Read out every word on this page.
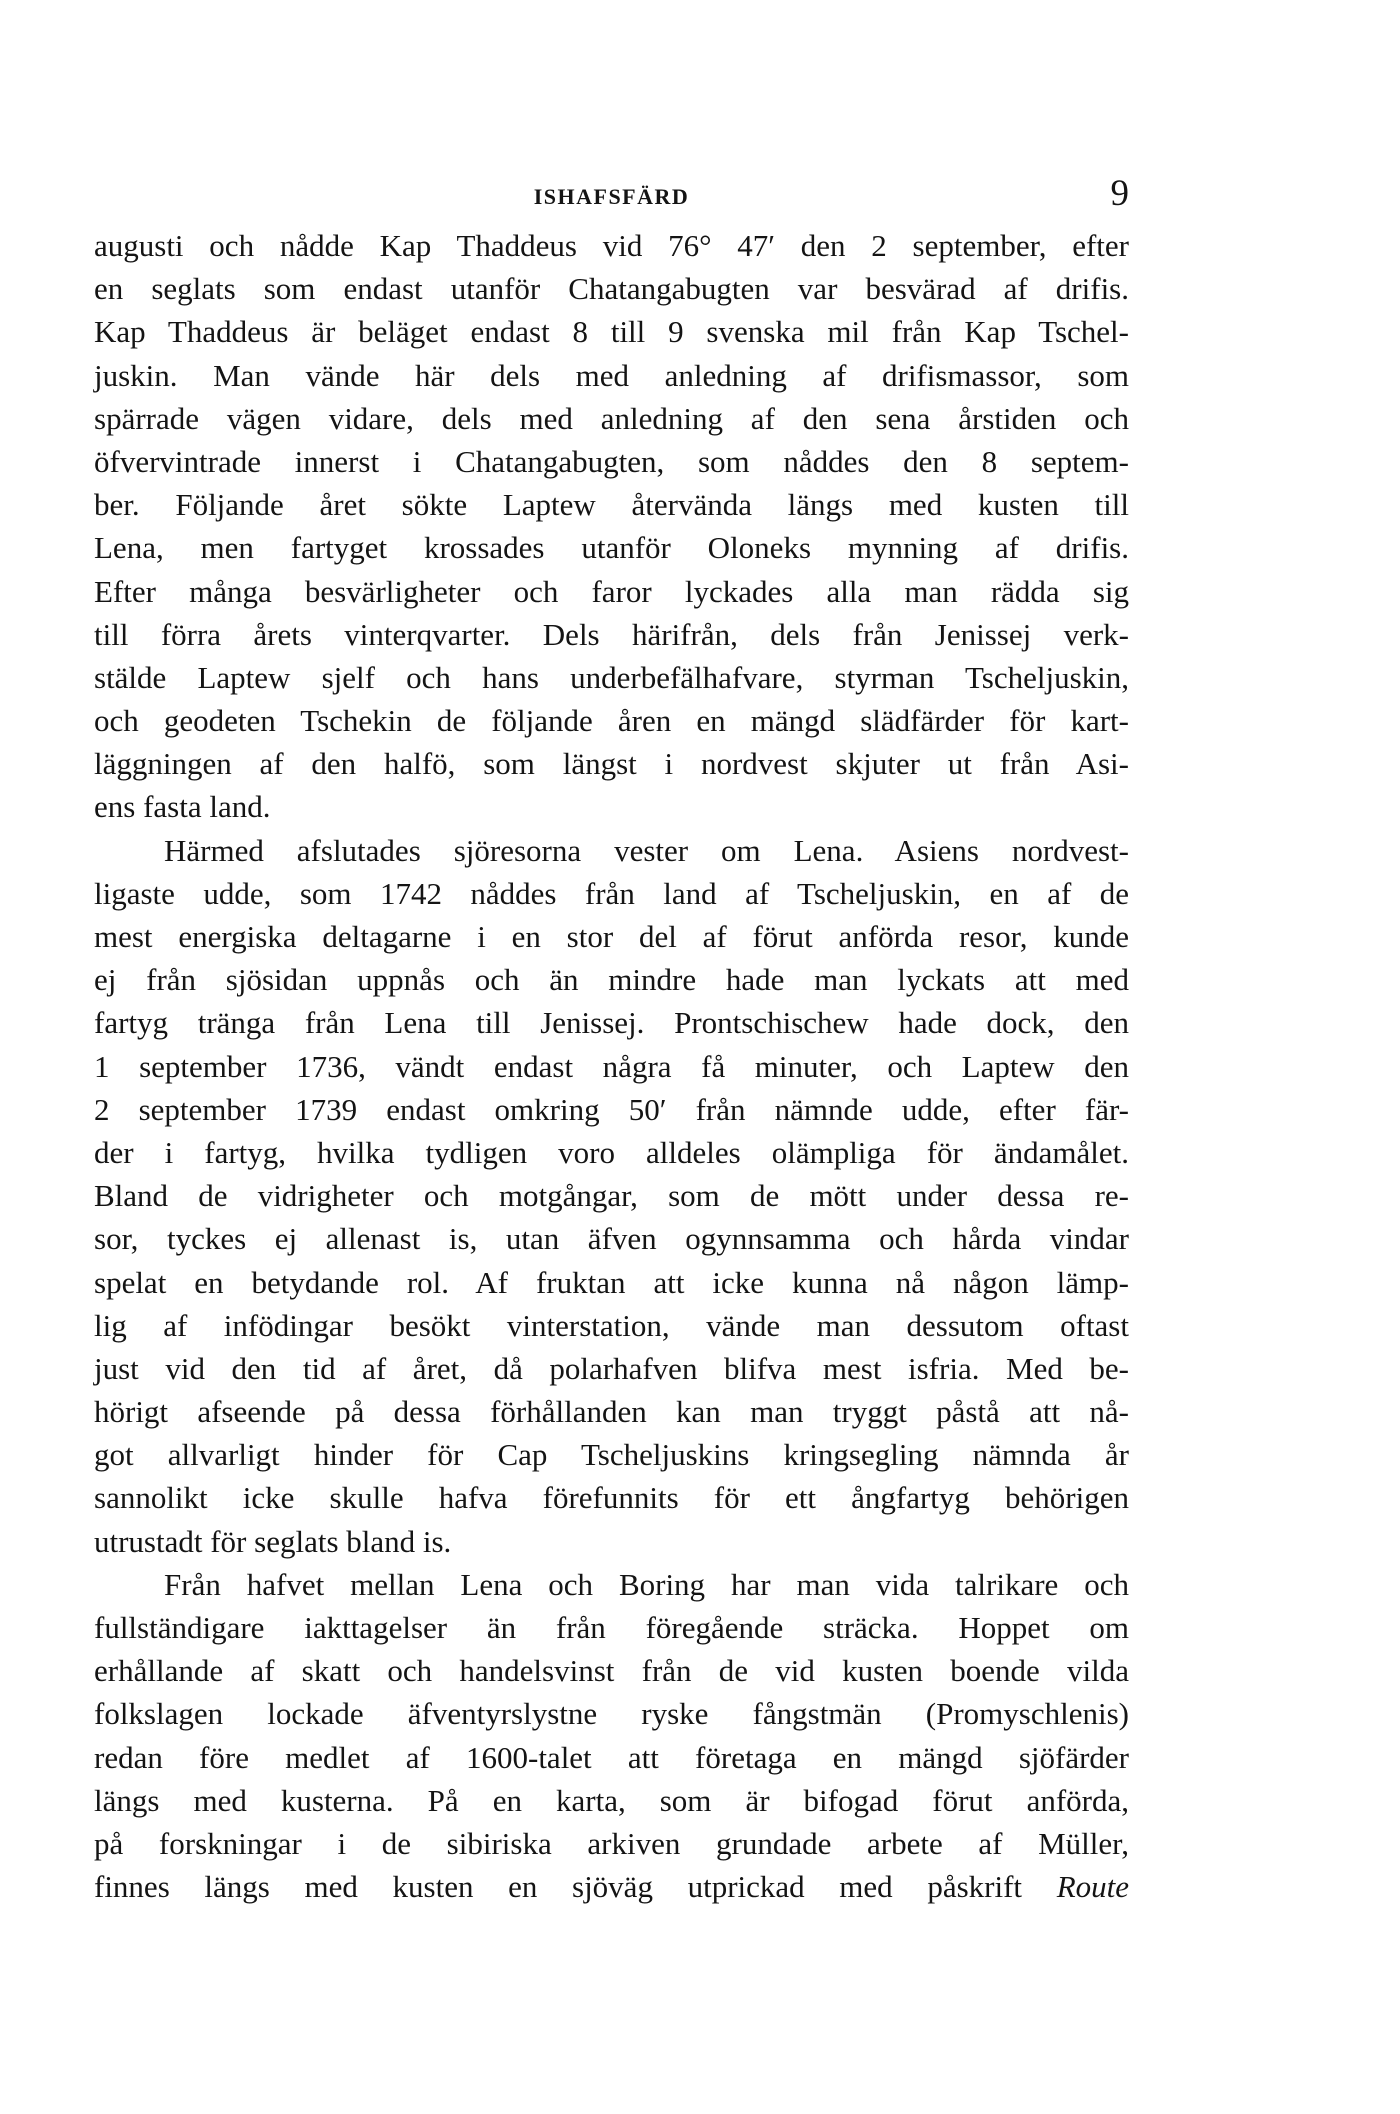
ISHAFSFÄRD	9
augusti och nådde Kap Thaddeus vid 76° 47′ den 2 september, efter
en seglats som endast utanför Chatangabugten var besvärad af drifis.
Kap Thaddeus är beläget endast 8 till 9 svenska mil från Kap Tschel-
juskin. Man vände här dels med anledning af drifismassor, som
spärrade vägen vidare, dels med anledning af den sena årstiden och
öfvervintrade innerst i Chatangabugten, som nåddes den 8 septem-
ber. Följande året sökte Laptew återvända längs med kusten till
Lena, men fartyget krossades utanför Oloneks mynning af drifis.
Efter många besvärligheter och faror lyckades alla man rädda sig
till förra årets vinterqvarter. Dels härifrån, dels från Jenissej verk-
stälde Laptew sjelf och hans underbefälhafvare, styrman Tscheljuskin,
och geodeten Tschekin de följande åren en mängd slädfärder för kart-
läggningen af den halfö, som längst i nordvest skjuter ut från Asi-
ens fasta land.
Härmed afslutades sjöresorna vester om Lena. Asiens nordvest-
ligaste udde, som 1742 nåddes från land af Tscheljuskin, en af de
mest energiska deltagarne i en stor del af förut anförda resor, kunde
ej från sjösidan uppnås och än mindre hade man lyckats att med
fartyg tränga från Lena till Jenissej. Prontschischew hade dock, den
1 september 1736, vändt endast några få minuter, och Laptew den
2 september 1739 endast omkring 50′ från nämnde udde, efter fär-
der i fartyg, hvilka tydligen voro alldeles olämpliga för ändamålet.
Bland de vidrigheter och motgångar, som de mött under dessa re-
sor, tyckes ej allenast is, utan äfven ogynnsamma och hårda vindar
spelat en betydande rol. Af fruktan att icke kunna nå någon lämp-
lig af infödingar besökt vinterstation, vände man dessutom oftast
just vid den tid af året, då polarhafven blifva mest isfria. Med be-
hörigt afseende på dessa förhållanden kan man tryggt påstå att nå-
got allvarligt hinder för Cap Tscheljuskins kringsegling nämnda år
sannolikt icke skulle hafva förefunnits för ett ångfartyg behörigen
utrustadt för seglats bland is.
Från hafvet mellan Lena och Boring har man vida talrikare och
fullständigare iakttagelser än från föregående sträcka. Hoppet om
erhållande af skatt och handelsvinst från de vid kusten boende vilda
folkslagen lockade äfventyrslystne ryske fångstmän (Promyschlenis)
redan före medlet af 1600-talet att företaga en mängd sjöfärder
längs med kusterna. På en karta, som är bifogad förut anförda,
på forskningar i de sibiriska arkiven grundade arbete af Müller,
finnes längs med kusten en sjöväg utprickad med påskrift Route
